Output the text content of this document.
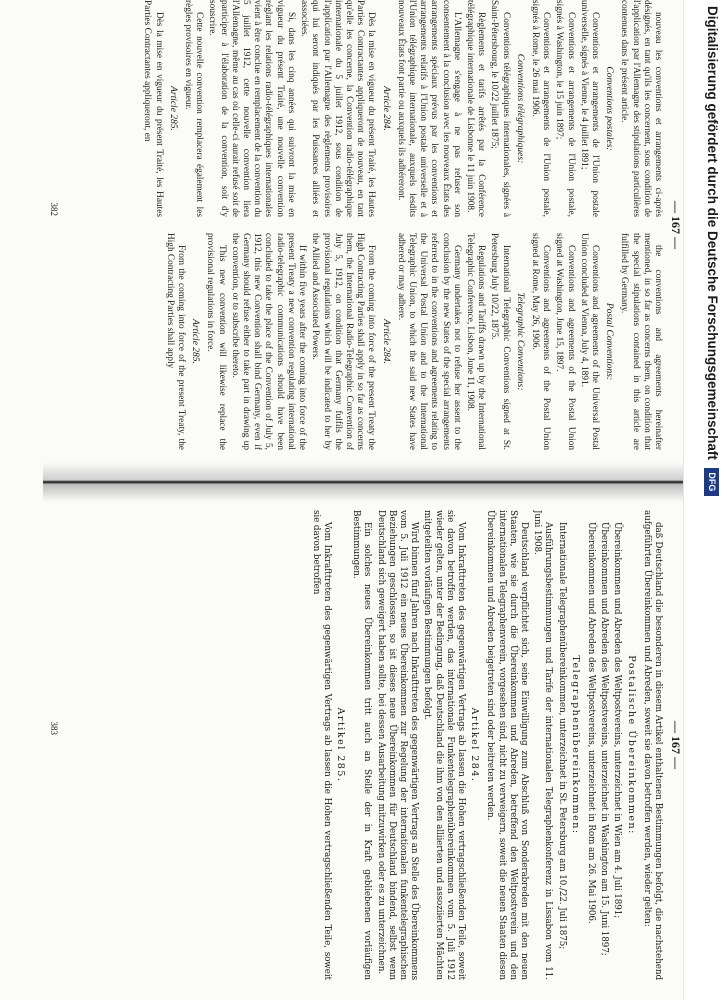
— 167 —

nouveau les conventions et arrangements ci-après désignés, en tant qu'ils les concernent, sous condition de l'application par l'Allemagne des stipulations particulières contenues dans le présent article.

Conventions postales:

Conventions et arrangements de l'Union postale universelle, signés à Vienne, le 4 juillet 1891;

Conventions et arrangements de l'Union postale, signés à Washington, le 15 juin 1897;

Conventions et arrangements de l'Union postale, signés à Rome, le 26 mai 1906.

Conventions télégraphiques:

Conventions télégraphiques internationales, signées à Saint-Pétersbourg, le 10/22 juillet 1875;

Règlements et tarifs arrêtés par la Conférence télégraphique internationale de Lisbonne le 11 juin 1908.

L'Allemagne s'engage à ne pas refuser son consentement à la conclusion avec les nouveaux États des arrangements spéciaux prévus par les conventions et arrangements relatifs à l'Union postale universelle et à l'Union télégraphique internationale, auxquels lesdits nouveaux États font partie ou auxquels ils adhéreront.

Article 284.

Dès la mise en vigueur du présent Traité, les Hautes Parties Contractantes appliqueront de nouveau, en tant qu'elle les concerne, la Convention radio-télégraphique internationale du 5 juillet 1912, sous condition de l'application par l'Allemagne des règlements provisoires qui lui seront indiqués par les Puissances alliées et associées.

Si, dans les cinq années qui suivront la mise en vigueur du présent Traité, une nouvelle convention réglant les relations radio-télégraphiques internationales vient à être conclue en remplacement de la convention du 5 juillet 1912, cette nouvelle convention liera l'Allemagne, même au cas où celle-ci aurait refusé soit de participer à l'élaboration de la convention, soit d'y souscrire.

Cette nouvelle convention remplacera également les règles provisoires en vigueur.

Article 285.

Dès la mise en vigueur du présent Traité, les Hautes Parties Contractantes appliqueront, en

the conventions and agreements hereinafter mentioned, in so far as concerns them, on condition that the special stipulations contained in this article are fulfilled by Germany.

Postal Conventions:

Conventions and agreements of the Universal Postal Union concluded at Vienna, July 4, 1891.

Conventions and agreements of the Postal Union signed at Washington, June 15, 1897.

Conventions and agreements of the Postal Union signed at Rome, May 26, 1906.

Telegraphic Conventions:

International Telegraphic Conventions signed at St. Petersburg July 10/22, 1875.

Regulations and Tariffs drawn up by the International Telegraphic Conference, Lisbon, June 11, 1908.

Germany undertakes not to refuse her assent to the conclusion by the new States of the special arrangements referred to in the conventions and agreements relating to the Universal Postal Union and to the International Telegraphic Union, to which the said new States have adhered or may adhere.

Article 284.

From the coming into force of the present Treaty the High Contracting Parties shall apply in so far as concerns them, the International Radio-Telegraphic Convention of July 5, 1912, on condition that Germany fulfils the provisional regulations which will be indicated to her by the Allied and Associated Powers.

If within five years after the coming into force of the present Treaty a new convention regulating international radio-telegraphic communications should have been concluded to take the place of the Convention of July 5, 1912, this new Convention shall bind Germany, even if Germany should refuse either to take part in drawing up the convention, or to subscribe thereto.

This new convention will likewise replace the provisional regulations in force.

Article 285.

From the coming into force of the present Treaty, the High Contracting Parties shall apply

382
— 167 —

daß Deutschland die besonderen in diesem Artikel enthaltenen Bestimmungen befolgt, die nachstehend aufgeführten Übereinkommen und Abreden, soweit sie davon betroffen werden, wieder gelten:

Postalische Übereinkommen:

Übereinkommen und Abreden des Weltpostvereins, unterzeichnet in Wien am 4. Juli 1891;

Übereinkommen und Abreden des Weltpostvereins, unterzeichnet in Washington am 15. Juni 1897;

Übereinkommen und Abreden des Weltpostvereins, unterzeichnet in Rom am 26. Mai 1906.

Telegraphenübereinkommen:

Internationale Telegraphenübereinkommen, unterzeichnet in St. Petersburg am 10./22. Juli 1875;

Ausführungsbestimmungen und Tarife der internationalen Telegraphenkonferenz in Lissabon vom 11. Juni 1908.

Deutschland verpflichtet sich, seine Einwilligung zum Abschluß von Sonderabreden mit den neuen Staaten, wie sie durch die Übereinkommen und Abreden, betreffend den Weltpostverein und den internationalen Telegraphenverein, vorgesehen sind, nicht zu verweigern, soweit die neuen Staaten diesen Übereinkommen und Abreden beigetreten sind oder beitreten werden.

Artikel 284.

Vom Inkrafttreten des gegenwärtigen Vertrags ab lassen die Hohen vertragschließenden Teile, soweit sie davon betroffen werden, das internationale Funkentelegraphenübereinkommen vom 5. Juli 1912 wieder gelten, unter der Bedingung, daß Deutschland die ihm von den alliierten und assoziierten Mächten mitgeteilten vorläufigen Bestimmungen befolgt.

Wird binnen fünf Jahren nach Inkrafttreten des gegenwärtigen Vertrags an Stelle des Übereinkommens vom 5. Juli 1912 ein neues Übereinkommen zur Regelung der internationalen funkentelegraphischen Beziehungen geschlossen, so ist dieses neue Übereinkommen für Deutschland bindend, selbst wenn Deutschland sich geweigert haben sollte, bei dessen Ausarbeitung mitzuwirken oder es zu unterzeichnen.

Ein solches neues Übereinkommen tritt auch an Stelle der in Kraft gebliebenen vorläufigen Bestimmungen.

Artikel 285.

Vom Inkrafttreten des gegenwärtigen Vertrags ab lassen die Hohen vertragschließenden Teile, soweit sie davon betroffen

383
Digitalisierung gefördert durch die Deutsche Forschungsgemeinschaft
DFG
